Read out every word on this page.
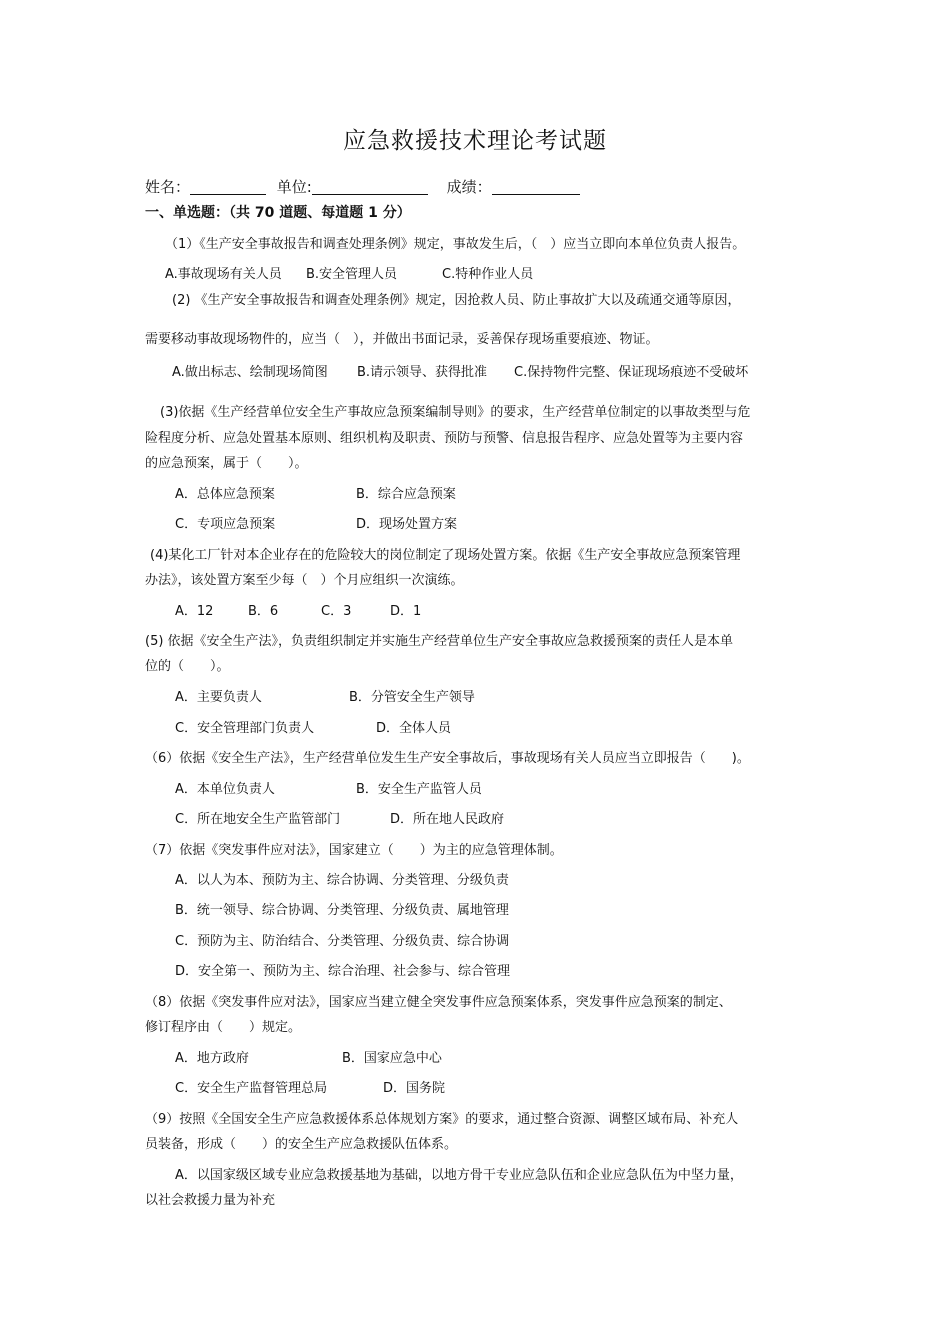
应急救援技术理论考试题
姓名：	单位:	成绩：
一、单选题：（共 70 道题、每道题 1 分）
（1）《生产安全事故报告和调查处理条例》规定，事故发生后，（　）应当立即向本单位负责人报告。
A.事故现场有关人员 B.安全管理人员	C.特种作业人员
(2) 《生产安全事故报告和调查处理条例》规定，因抢救人员、防止事故扩大以及疏通交通等原因，
需要移动事故现场物件的，应当（　），并做出书面记录，妥善保存现场重要痕迹、物证。
A.做出标志、绘制现场简图 B.请示领导、获得批准 C.保持物件完整、保证现场痕迹不受破坏
(3)依据《生产经营单位安全生产事故应急预案编制导则》的要求，生产经营单位制定的以事故类型与危
险程度分析、应急处置基本原则、组织机构及职责、预防与预警、信息报告程序、应急处置等为主要内容
的应急预案，属于（　　）。
A．总体应急预案	B．综合应急预案
C．专项应急预案	D．现场处置方案
(4)某化工厂针对本企业存在的危险较大的岗位制定了现场处置方案。依据《生产安全事故应急预案管理
办法》，该处置方案至少每（　）个月应组织一次演练。
A．12	B．6	C．3	D．1
(5) 依据《安全生产法》，负责组织制定并实施生产经营单位生产安全事故应急救援预案的责任人是本单
位的（　　）。
A．主要负责人	B．分管安全生产领导
C．安全管理部门负责人	D．全体人员
（6）依据《安全生产法》，生产经营单位发生生产安全事故后，事故现场有关人员应当立即报告（　　)。
A．本单位负责人	B．安全生产监管人员
C．所在地安全生产监管部门	D．所在地人民政府
（7）依据《突发事件应对法》，国家建立（　　）为主的应急管理体制。
A．以人为本、预防为主、综合协调、分类管理、分级负责
B．统一领导、综合协调、分类管理、分级负责、属地管理
C．预防为主、防治结合、分类管理、分级负责、综合协调
D．安全第一、预防为主、综合治理、社会参与、综合管理
（8）依据《突发事件应对法》，国家应当建立健全突发事件应急预案体系，突发事件应急预案的制定、
修订程序由（　　）规定。
A．地方政府	B．国家应急中心
C．安全生产监督管理总局	D．国务院
（9）按照《全国安全生产应急救援体系总体规划方案》的要求，通过整合资源、调整区域布局、补充人
员装备，形成（　　）的安全生产应急救援队伍体系。
A．以国家级区域专业应急救援基地为基础，以地方骨干专业应急队伍和企业应急队伍为中坚力量，
以社会救援力量为补充
